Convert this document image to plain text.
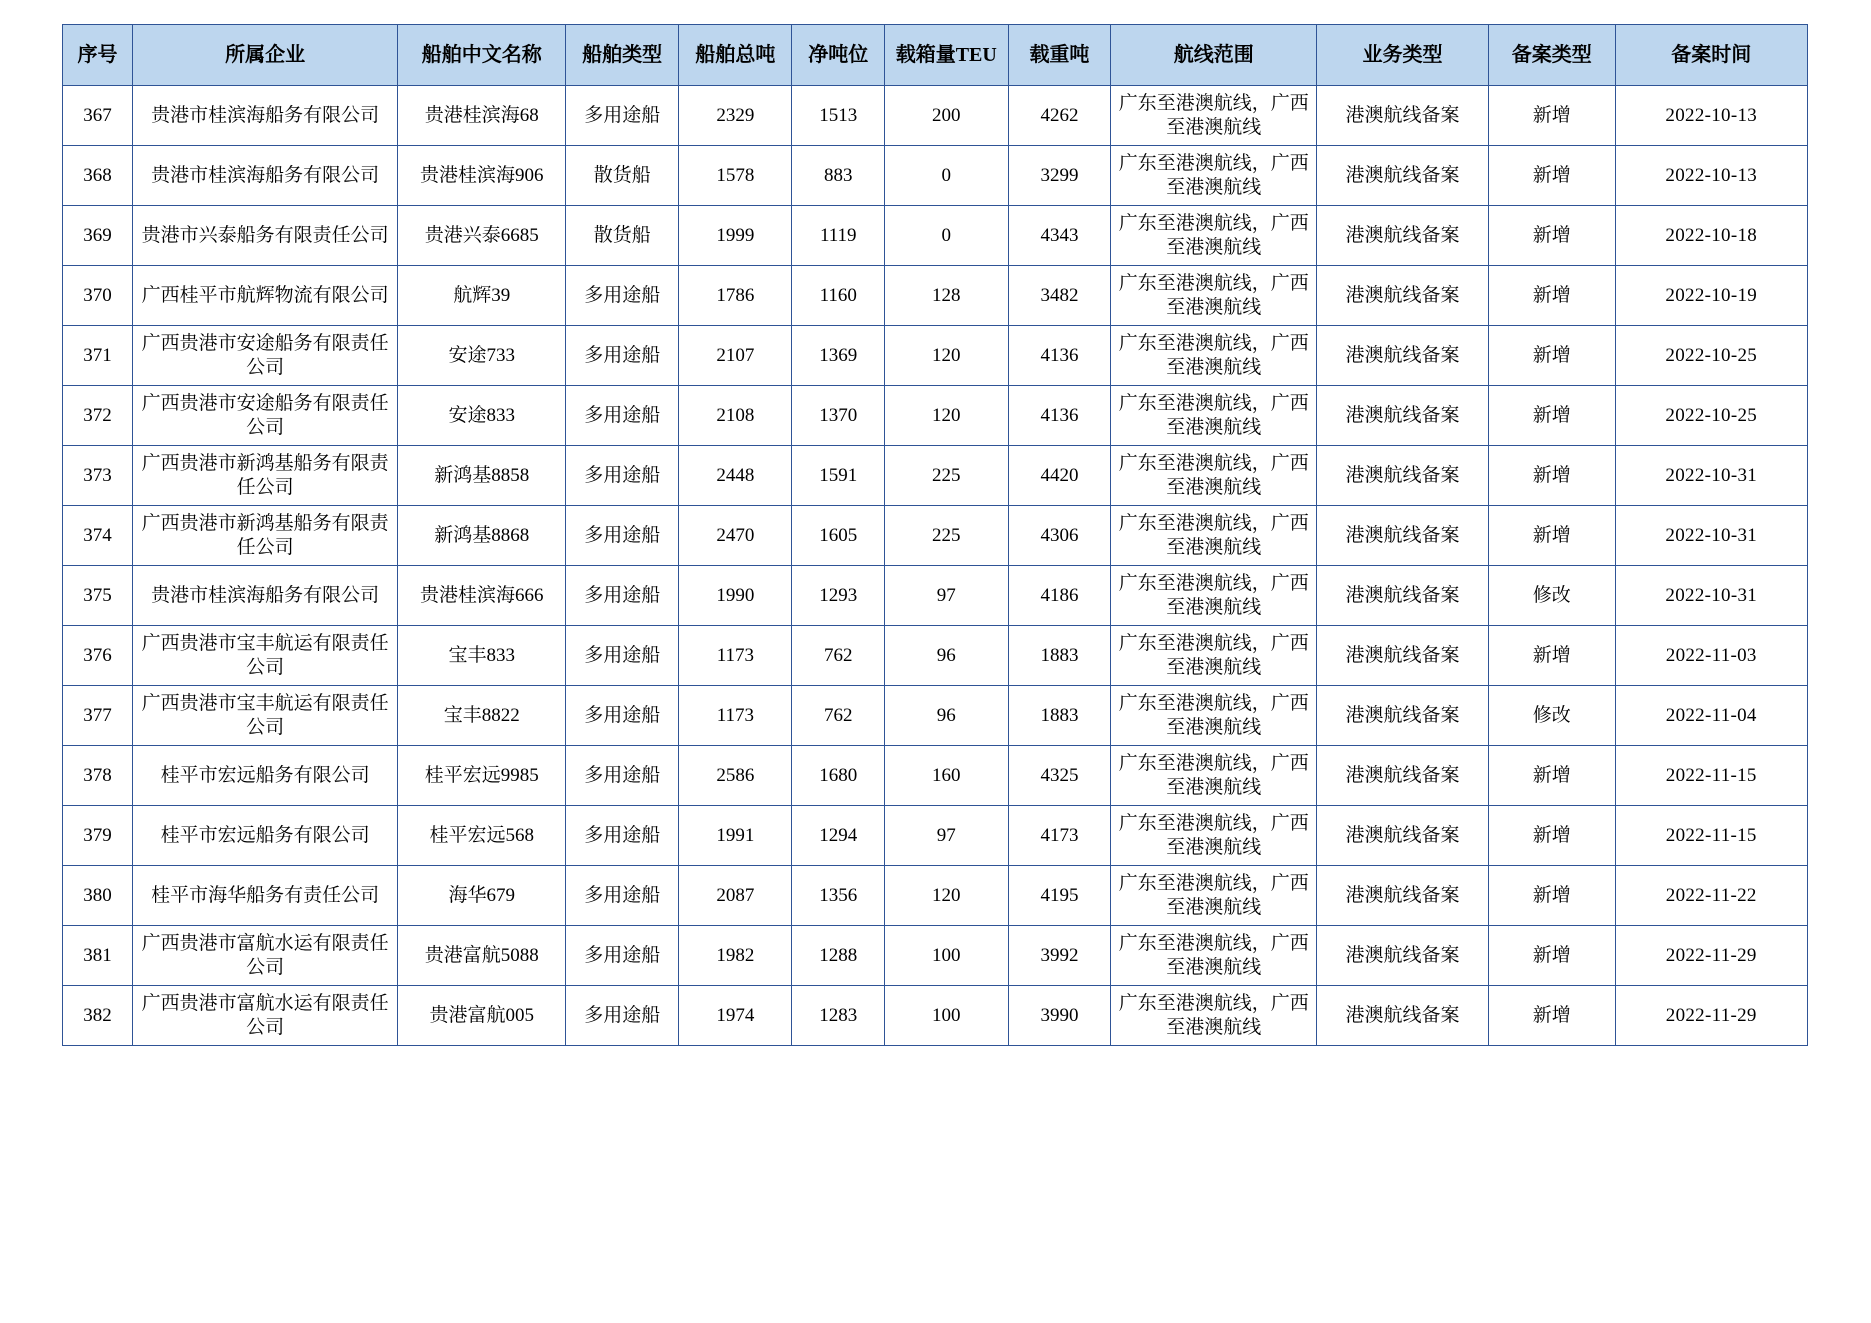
序号	所属企业	船舶中文名称	船舶类型	船舶总吨	净吨位	载箱量TEU	载重吨	航线范围	业务类型	备案类型	备案时间
367	贵港市桂滨海船务有限公司	贵港桂滨海68	多用途船	2329	1513	200	4262	广东至港澳航线，广西至港澳航线	港澳航线备案	新增	2022-10-13
368	贵港市桂滨海船务有限公司	贵港桂滨海906	散货船	1578	883	0	3299	广东至港澳航线，广西至港澳航线	港澳航线备案	新增	2022-10-13
369	贵港市兴泰船务有限责任公司	贵港兴泰6685	散货船	1999	1119	0	4343	广东至港澳航线，广西至港澳航线	港澳航线备案	新增	2022-10-18
370	广西桂平市航辉物流有限公司	航辉39	多用途船	1786	1160	128	3482	广东至港澳航线，广西至港澳航线	港澳航线备案	新增	2022-10-19
371	广西贵港市安途船务有限责任公司	安途733	多用途船	2107	1369	120	4136	广东至港澳航线，广西至港澳航线	港澳航线备案	新增	2022-10-25
372	广西贵港市安途船务有限责任公司	安途833	多用途船	2108	1370	120	4136	广东至港澳航线，广西至港澳航线	港澳航线备案	新增	2022-10-25
373	广西贵港市新鸿基船务有限责任公司	新鸿基8858	多用途船	2448	1591	225	4420	广东至港澳航线，广西至港澳航线	港澳航线备案	新增	2022-10-31
374	广西贵港市新鸿基船务有限责任公司	新鸿基8868	多用途船	2470	1605	225	4306	广东至港澳航线，广西至港澳航线	港澳航线备案	新增	2022-10-31
375	贵港市桂滨海船务有限公司	贵港桂滨海666	多用途船	1990	1293	97	4186	广东至港澳航线，广西至港澳航线	港澳航线备案	修改	2022-10-31
376	广西贵港市宝丰航运有限责任公司	宝丰833	多用途船	1173	762	96	1883	广东至港澳航线，广西至港澳航线	港澳航线备案	新增	2022-11-03
377	广西贵港市宝丰航运有限责任公司	宝丰8822	多用途船	1173	762	96	1883	广东至港澳航线，广西至港澳航线	港澳航线备案	修改	2022-11-04
378	桂平市宏远船务有限公司	桂平宏远9985	多用途船	2586	1680	160	4325	广东至港澳航线，广西至港澳航线	港澳航线备案	新增	2022-11-15
379	桂平市宏远船务有限公司	桂平宏远568	多用途船	1991	1294	97	4173	广东至港澳航线，广西至港澳航线	港澳航线备案	新增	2022-11-15
380	桂平市海华船务有责任公司	海华679	多用途船	2087	1356	120	4195	广东至港澳航线，广西至港澳航线	港澳航线备案	新增	2022-11-22
381	广西贵港市富航水运有限责任公司	贵港富航5088	多用途船	1982	1288	100	3992	广东至港澳航线，广西至港澳航线	港澳航线备案	新增	2022-11-29
382	广西贵港市富航水运有限责任公司	贵港富航005	多用途船	1974	1283	100	3990	广东至港澳航线，广西至港澳航线	港澳航线备案	新增	2022-11-29
